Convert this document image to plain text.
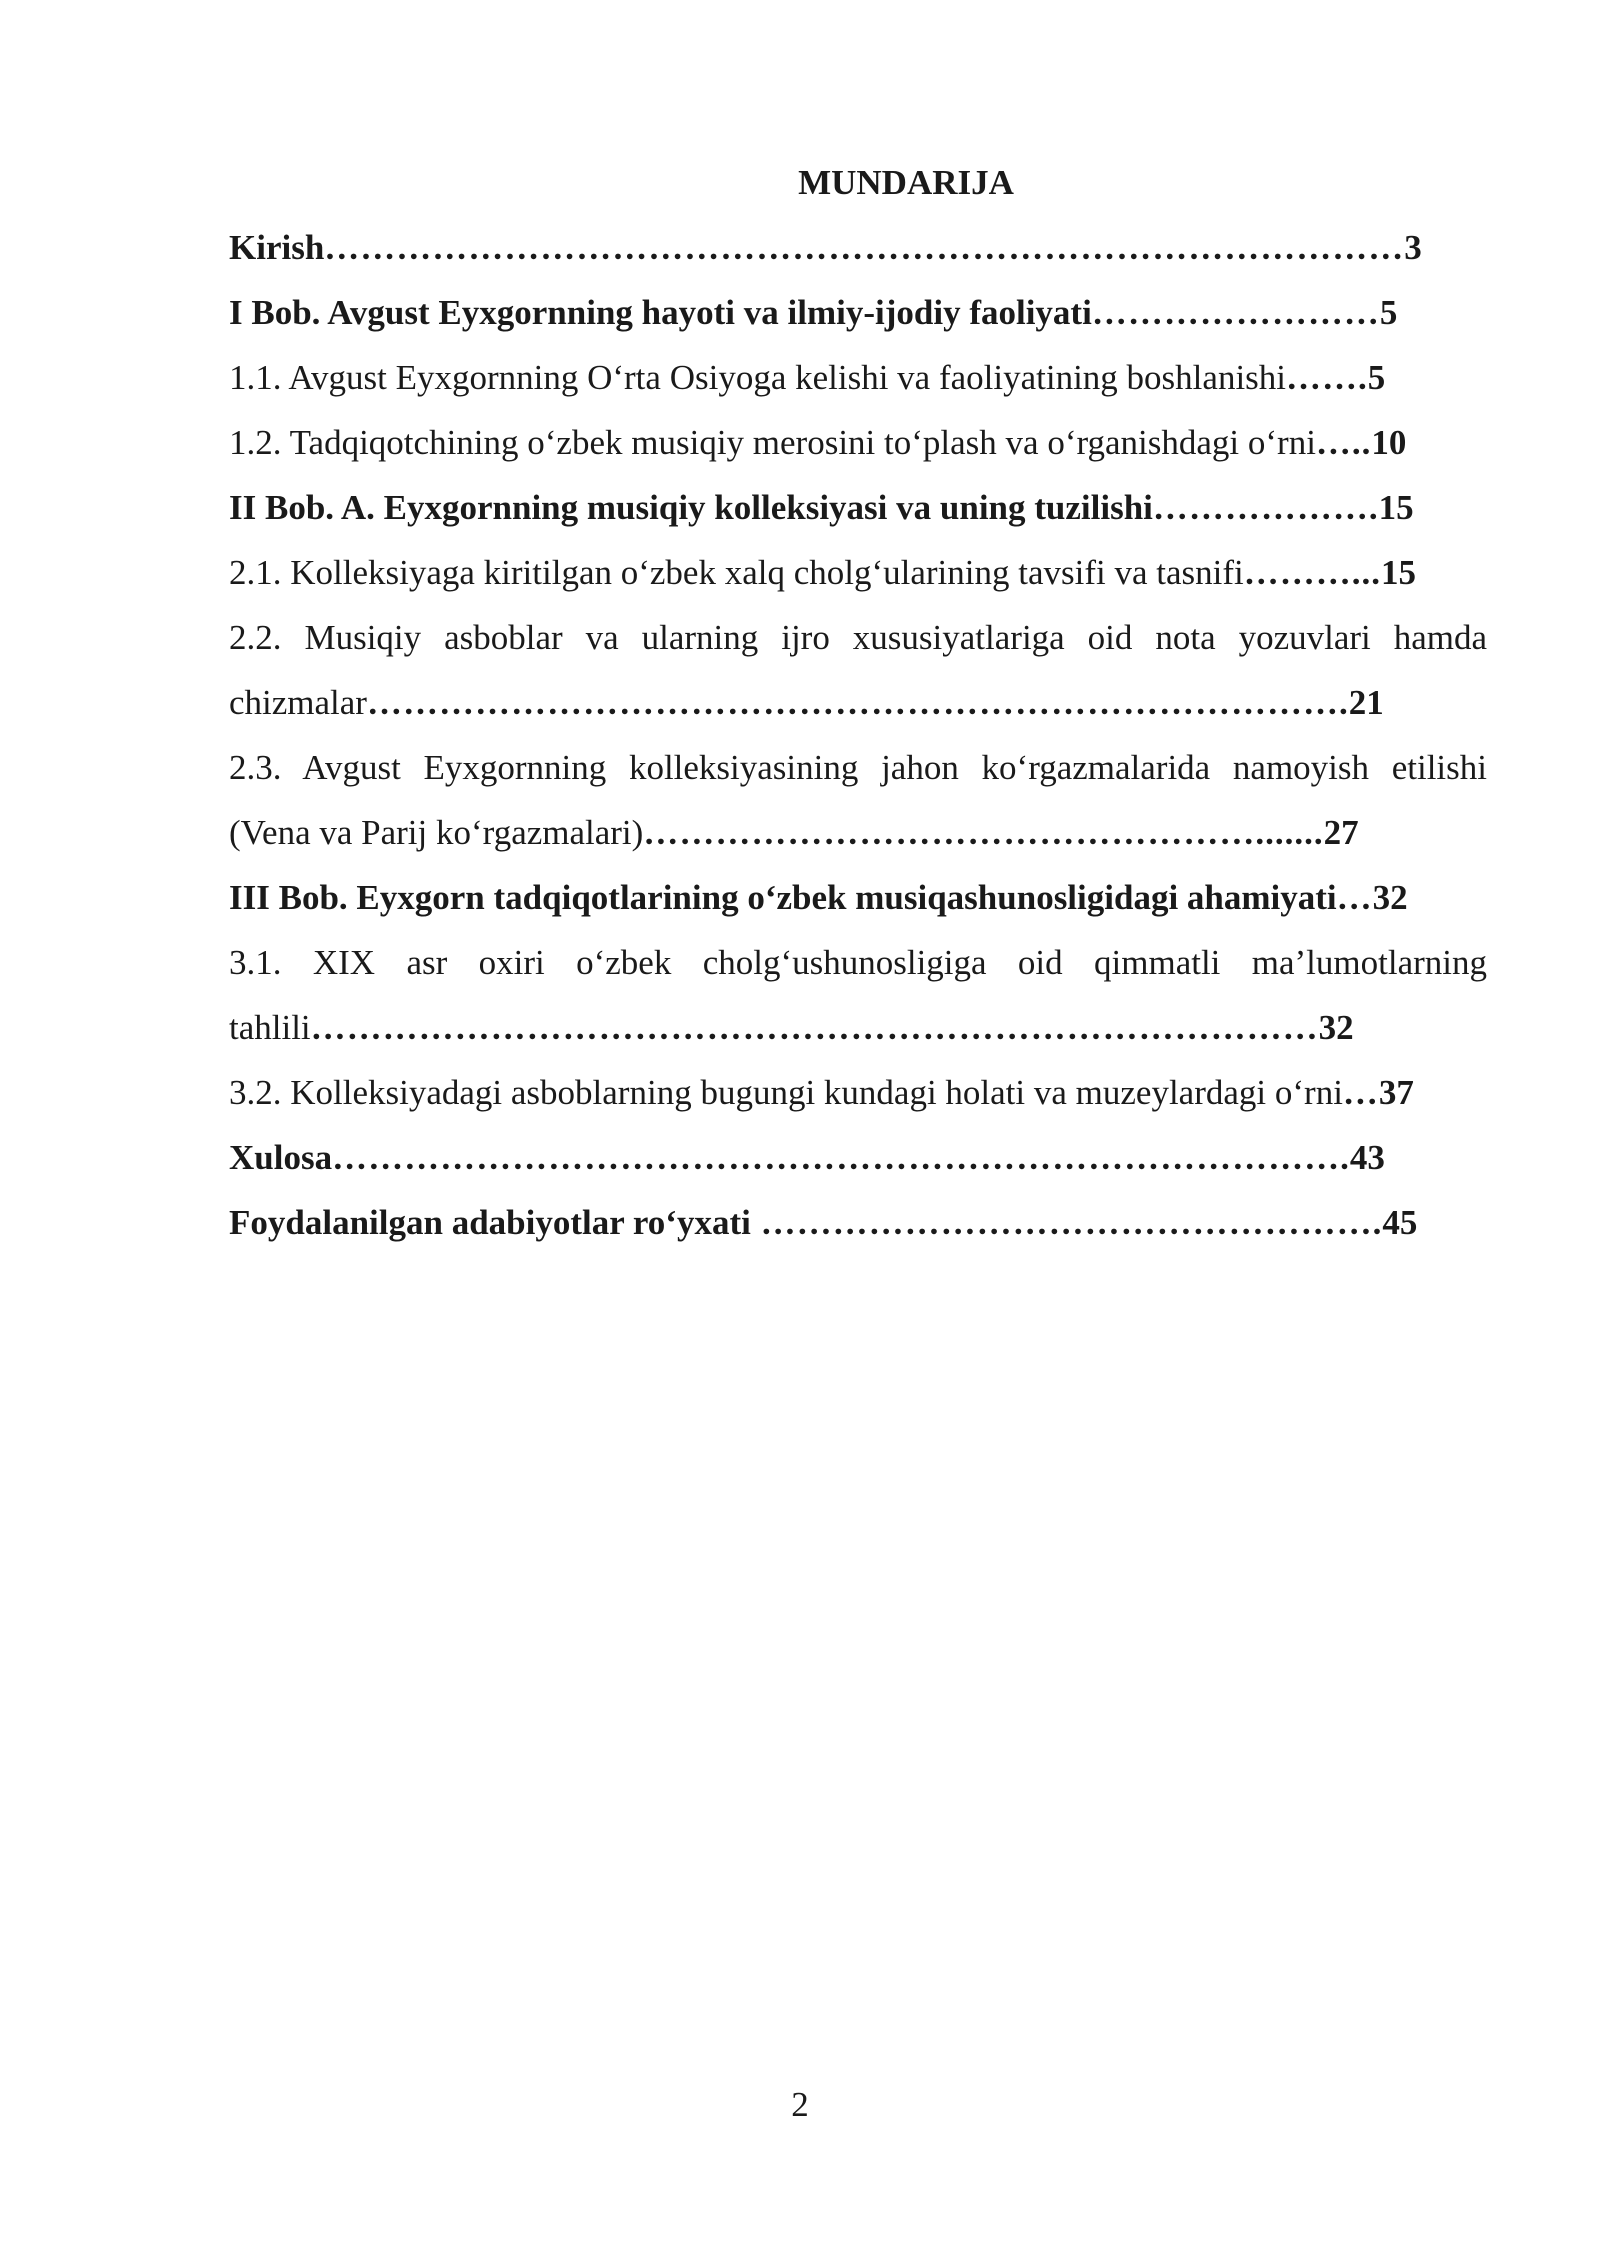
MUNDARIJA
Kirish………………………………………………………………………………3
I Bob. Avgust Eyxgornning hayoti va ilmiy-ijodiy faoliyati……………………5
1.1. Avgust Eyxgornning O‘rta Osiyoga kelishi va faoliyatining boshlanishi…….5
1.2. Tadqiqotchining o‘zbek musiqiy merosini to‘plash va o‘rganishdagi o‘rni…..10
II Bob. A. Eyxgornning musiqiy kolleksiyasi va uning tuzilishi……………….15
2.1. Kolleksiyaga kiritilgan o‘zbek xalq cholg‘ularining tavsifi va tasnifi………...15
2.2. Musiqiy asboblar va ularning ijro xususiyatlariga oid nota yozuvlari hamda
chizmalar……………………………………………………………………….21
2.3. Avgust Eyxgornning kolleksiyasining jahon ko‘rgazmalarida namoyish etilishi
(Vena va Parij ko‘rgazmalari)…………………………………………….......27
III Bob. Eyxgorn tadqiqotlarining o‘zbek musiqashunosligidagi ahamiyati…32
3.1. XIX asr oxiri o‘zbek cholg‘ushunosligiga oid qimmatli ma’lumotlarning
tahlili…………………………………………………………………………32
3.2. Kolleksiyadagi asboblarning bugungi kundagi holati va muzeylardagi o‘rni…37
Xulosa………………………………………………………………………….43
Foydalanilgan adabiyotlar ro‘yxati …………………………………………….45
2
